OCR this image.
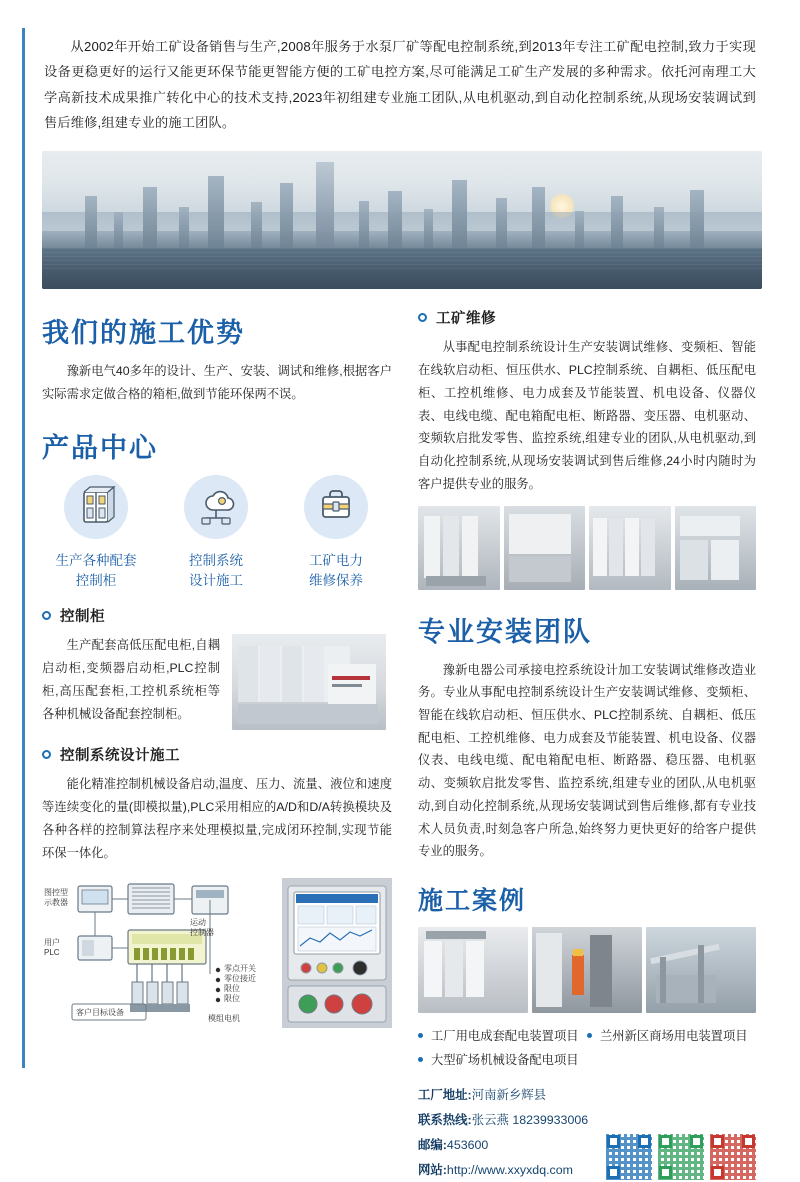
从2002年开始工矿设备销售与生产,2008年服务于水泵厂矿等配电控制系统,到2013年专注工矿配电控制,致力于实现设备更稳更好的运行又能更环保节能更智能方便的工矿电控方案,尽可能满足工矿生产发展的多种需求。依托河南理工大学高新技术成果推广转化中心的技术支持,2023年初组建专业施工团队,从电机驱动,到自动化控制系统,从现场安装调试到售后维修,组建专业的施工团队。

我们的施工优势

豫新电气40多年的设计、生产、安装、调试和维修,根据客户实际需求定做合格的箱柜,做到节能环保两不误。

产品中心
生产各种配套
控制柜
控制系统
设计施工
工矿电力
维修保养
控制柜

生产配套高低压配电柜,自耦启动柜,变频器启动柜,PLC控制柜,高压配套柜,工控机系统柜等各种机械设备配套控制柜。

控制系统设计施工

能化精准控制机械设备启动,温度、压力、流量、液位和速度等连续变化的量(即模拟量),PLC采用相应的A/D和D/A转换模块及各种各样的控制算法程序来处理模拟量,完成闭环控制,实现节能环保一体化。

图控型
示教器
运动
控制器
用户
PLC
客户目标设备
零点开关
零位接近
限位
限位
模组电机
工矿维修

从事配电控制系统设计生产安装调试维修、变频柜、智能在线软启动柜、恒压供水、PLC控制系统、自耦柜、低压配电柜、工控机维修、电力成套及节能装置、机电设备、仪器仪表、电线电缆、配电箱配电柜、断路器、变压器、电机驱动、变频软启批发零售、监控系统,组建专业的团队,从电机驱动,到自动化控制系统,从现场安装调试到售后维修,24小时内随时为客户提供专业的服务。

专业安装团队

豫新电器公司承接电控系统设计加工安装调试维修改造业务。专业从事配电控制系统设计生产安装调试维修、变频柜、智能在线软启动柜、恒压供水、PLC控制系统、自耦柜、低压配电柜、工控机维修、电力成套及节能装置、机电设备、仪器仪表、电线电缆、配电箱配电柜、断路器、稳压器、电机驱动、变频软启批发零售、监控系统,组建专业的团队,从电机驱动,到自动化控制系统,从现场安装调试到售后维修,都有专业技术人员负责,时刻急客户所急,始终努力更快更好的给客户提供专业的服务。

施工案例
工厂用电成套配电装置项目 兰州新区商场用电装置项目
大型矿场机械设备配电项目
工厂地址:河南新乡辉县
联系热线:张云燕 18239933006
邮编:453600
网站:http://www.xxyxdq.com
